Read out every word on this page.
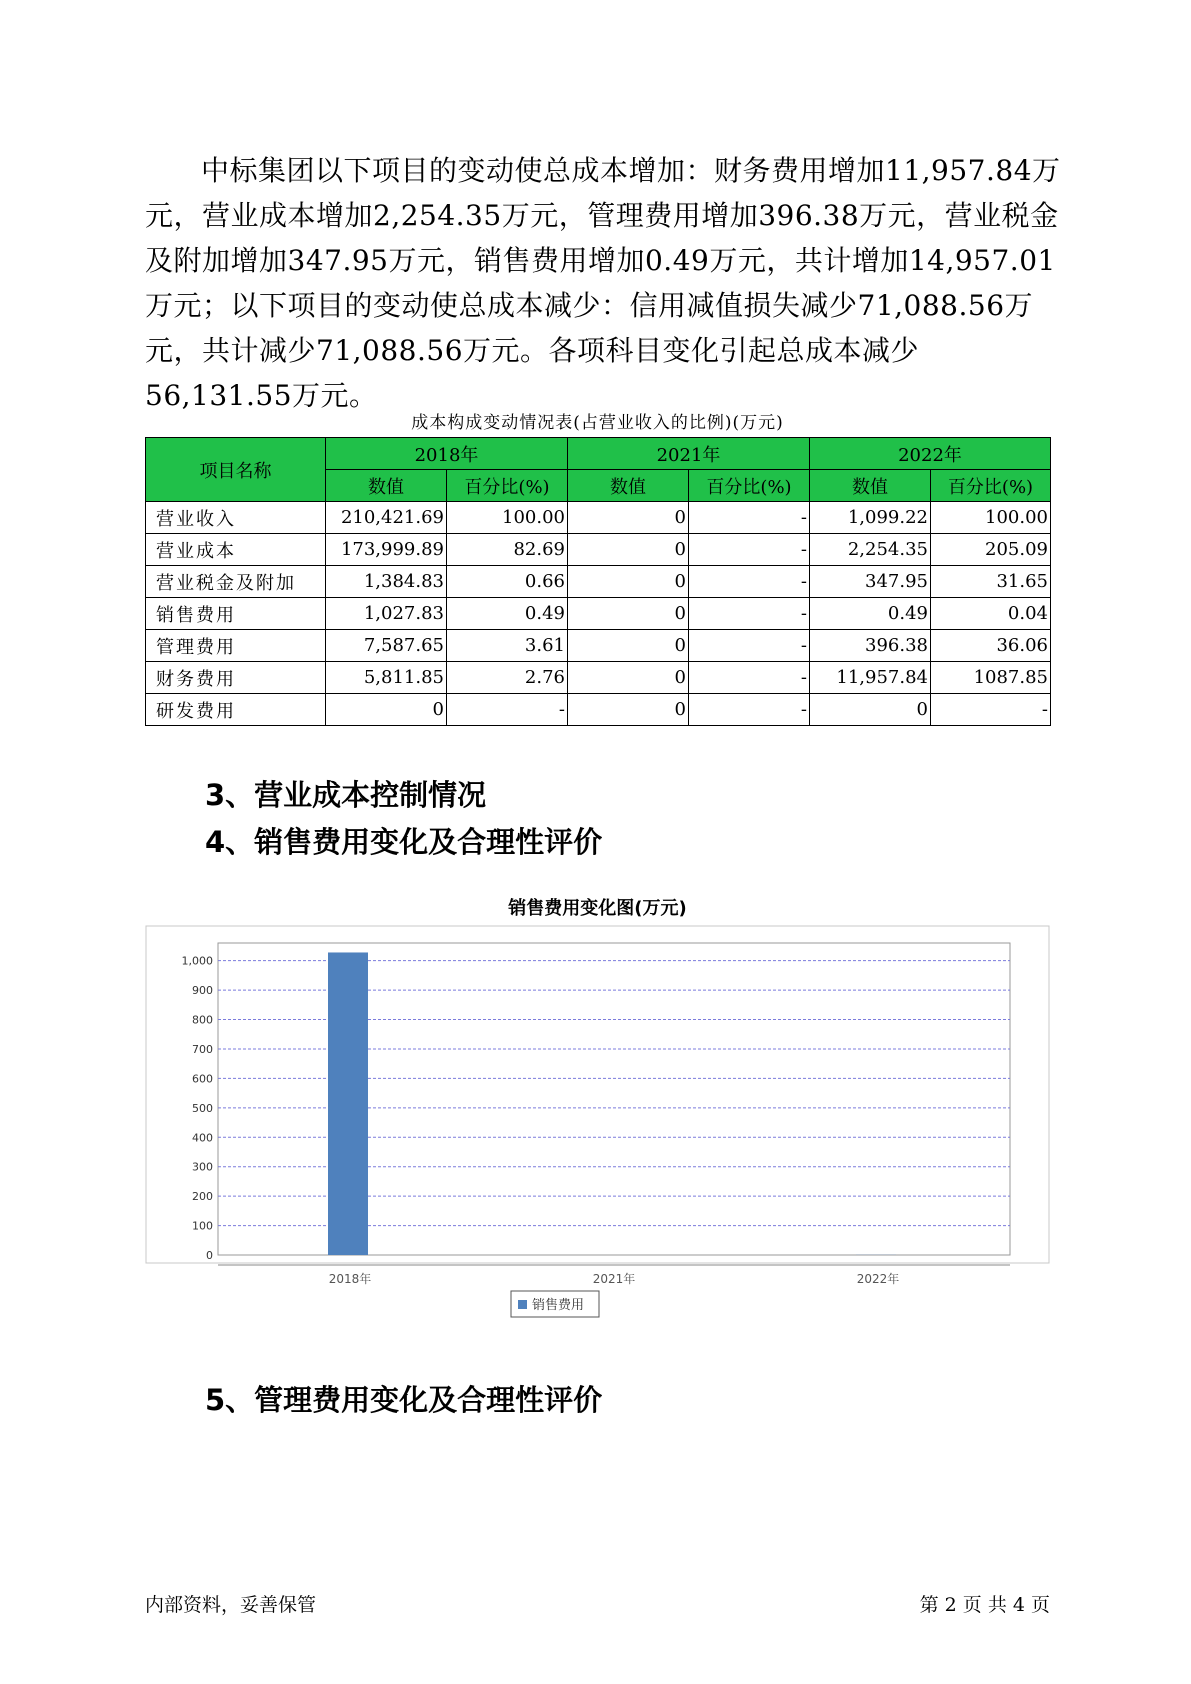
中标集团以下项目的变动使总成本增加：财务费用增加11,957.84万元，营业成本增加2,254.35万元，管理费用增加396.38万元，营业税金及附加增加347.95万元，销售费用增加0.49万元，共计增加14,957.01万元；以下项目的变动使总成本减少：信用减值损失减少71,088.56万元，共计减少71,088.56万元。各项科目变化引起总成本减少56,131.55万元。

成本构成变动情况表(占营业收入的比例)(万元)
项目名称	2018年		2021年		2022年	
	数值	百分比(%)	数值	百分比(%)	数值	百分比(%)
营业收入	210,421.69	100.00	0	-	1,099.22	100.00
营业成本	173,999.89	82.69	0	-	2,254.35	205.09
营业税金及附加	1,384.83	0.66	0	-	347.95	31.65
销售费用	1,027.83	0.49	0	-	0.49	0.04
管理费用	7,587.65	3.61	0	-	396.38	36.06
财务费用	5,811.85	2.76	0	-	11,957.84	1087.85
研发费用	0	-	0	-	0	-
3、营业成本控制情况
4、销售费用变化及合理性评价
销售费用变化图(万元)
0
100
200
300
400
500
600
700
800
900
1,000
2018年	2021年	2022年
销售费用
5、管理费用变化及合理性评价
内部资料，妥善保管	第 2 页 共 4 页
